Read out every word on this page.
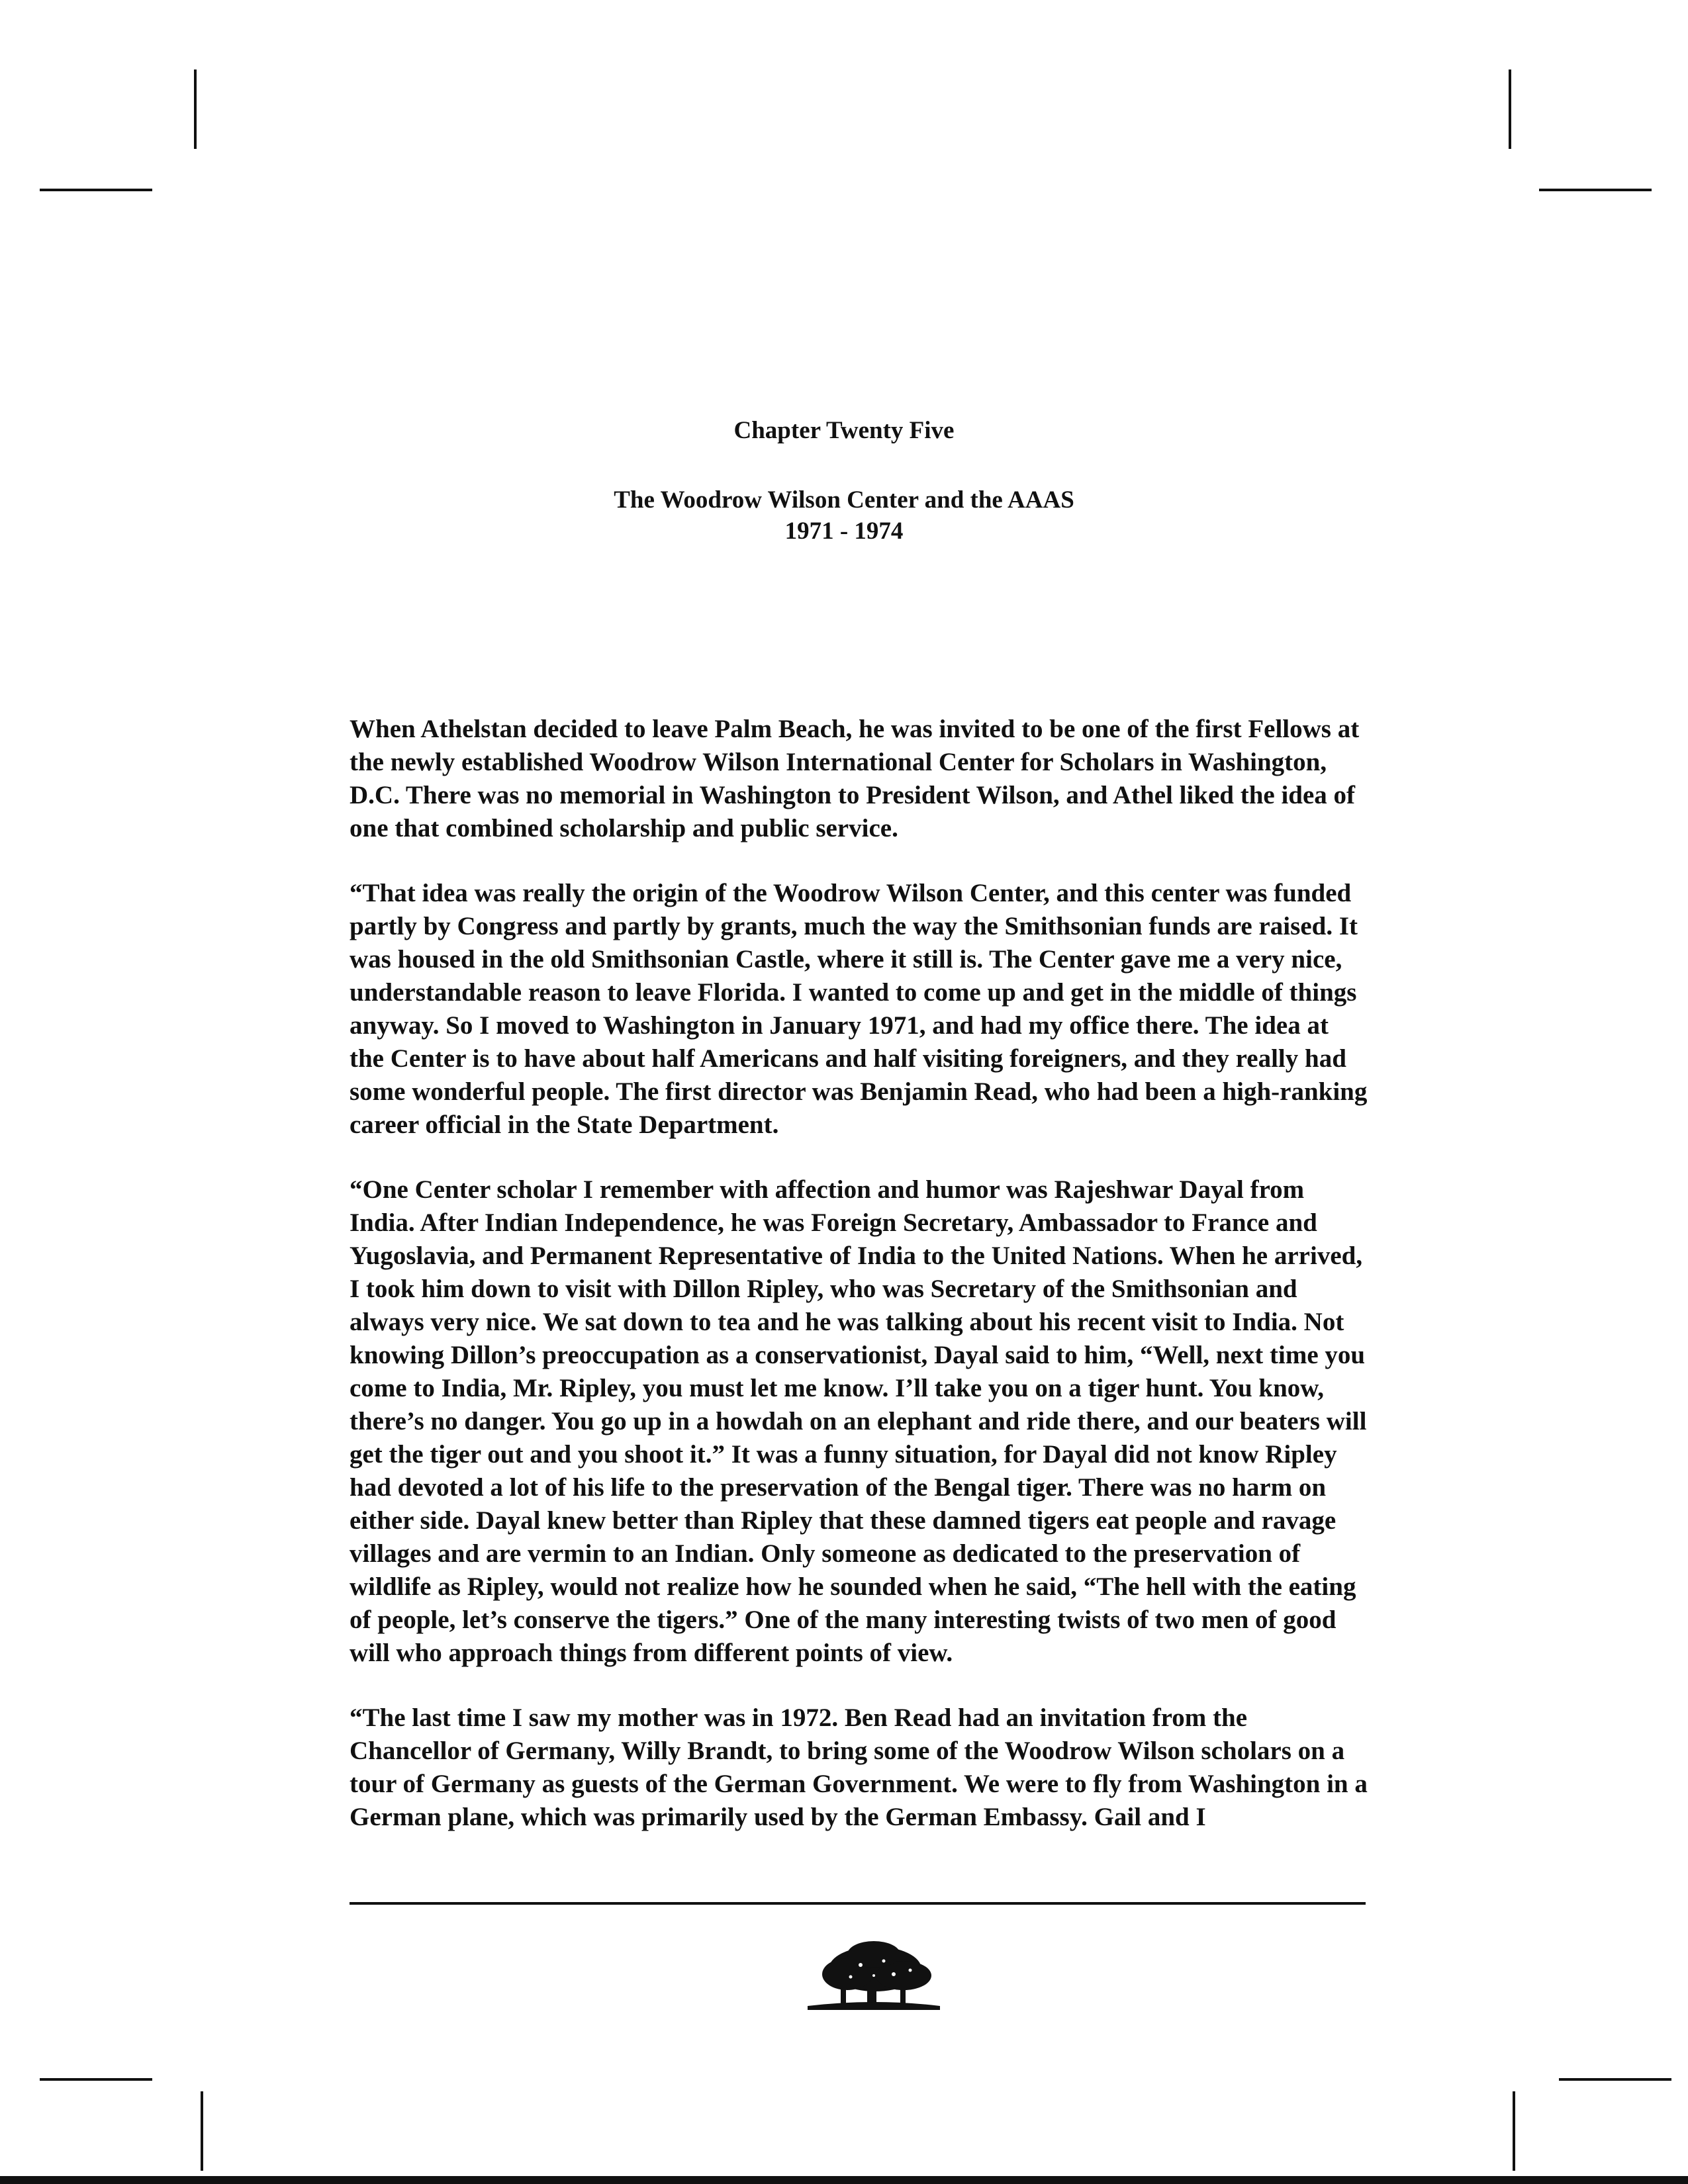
Chapter Twenty Five
The Woodrow Wilson Center and the AAAS
1971 - 1974

When Athelstan decided to leave Palm Beach, he was invited to be one of the first Fellows at the newly established Woodrow Wilson International Center for Scholars in Washington, D.C. There was no memorial in Washington to President Wilson, and Athel liked the idea of one that combined scholarship and public service.

“That idea was really the origin of the Woodrow Wilson Center, and this center was funded partly by Congress and partly by grants, much the way the Smithsonian funds are raised. It was housed in the old Smithsonian Castle, where it still is. The Center gave me a very nice, understandable reason to leave Florida. I wanted to come up and get in the middle of things anyway. So I moved to Washington in January 1971, and had my office there. The idea at the Center is to have about half Americans and half visiting foreigners, and they really had some wonderful people. The first director was Benjamin Read, who had been a high-ranking career official in the State Department.

“One Center scholar I remember with affection and humor was Rajeshwar Dayal from India. After Indian Independence, he was Foreign Secretary, Ambassador to France and Yugoslavia, and Permanent Representative of India to the United Nations. When he arrived, I took him down to visit with Dillon Ripley, who was Secretary of the Smithsonian and always very nice. We sat down to tea and he was talking about his recent visit to India. Not knowing Dillon’s preoccupation as a conservationist, Dayal said to him, “Well, next time you come to India, Mr. Ripley, you must let me know. I’ll take you on a tiger hunt. You know, there’s no danger. You go up in a howdah on an elephant and ride there, and our beaters will get the tiger out and you shoot it.” It was a funny situation, for Dayal did not know Ripley had devoted a lot of his life to the preservation of the Bengal tiger. There was no harm on either side. Dayal knew better than Ripley that these damned tigers eat people and ravage villages and are vermin to an Indian. Only someone as dedicated to the preservation of wildlife as Ripley, would not realize how he sounded when he said, “The hell with the eating of people, let’s conserve the tigers.” One of the many interesting twists of two men of good will who approach things from different points of view.

“The last time I saw my mother was in 1972. Ben Read had an invitation from the Chancellor of Germany, Willy Brandt, to bring some of the Woodrow Wilson scholars on a tour of Germany as guests of the German Government. We were to fly from Washington in a German plane, which was primarily used by the German Embassy. Gail and I
